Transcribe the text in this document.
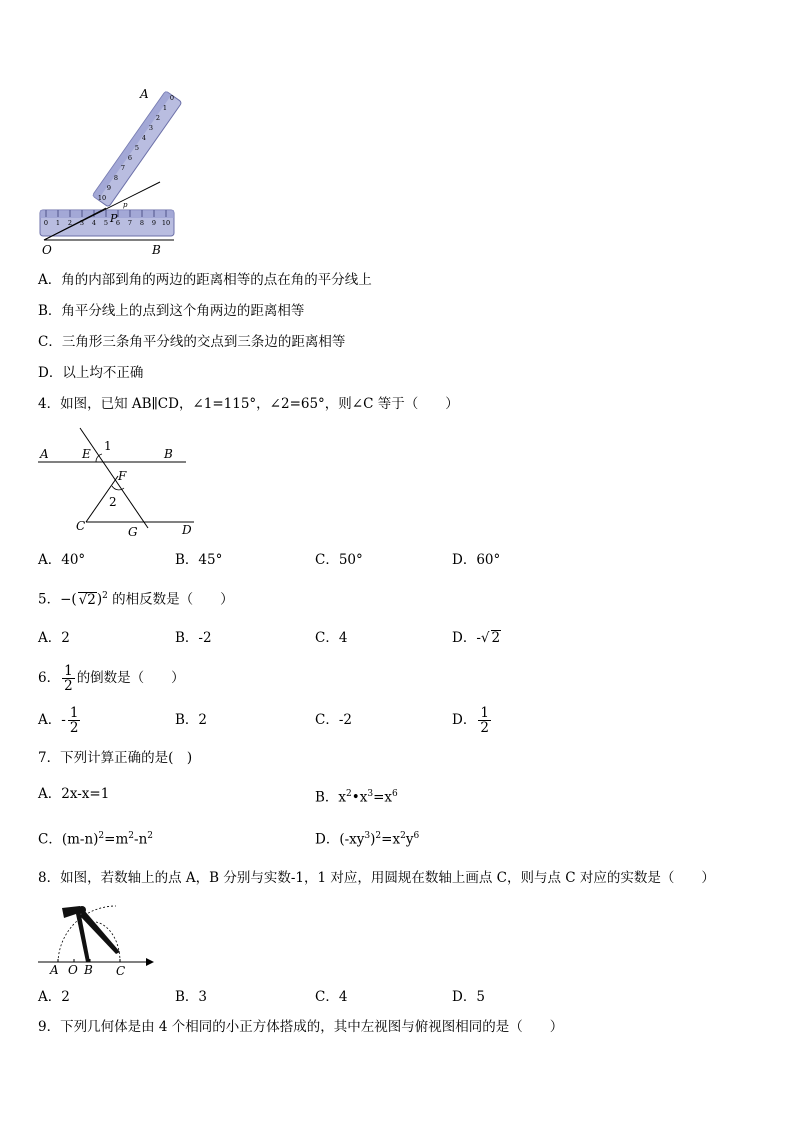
0 1 2 3 4 5 6 7 8 9 10
10
9
8
7
6
5
4
3
2
1
0
A
O	B
P
p
A．角的内部到角的两边的距离相等的点在角的平分线上
B．角平分线上的点到这个角两边的距离相等
C．三角形三条角平分线的交点到三条边的距离相等
D．以上均不正确
4．如图，已知 AB∥CD，∠1=115°，∠2=65°，则∠C 等于（　　）
A	E
1
B
F
2
C	G	D
A．40°	B．45°	C．50°	D．60°
5．−( √2)$^2$ 的相反数是（　　）
A．2	B．-2	C．4	D．-√ 2
6． $\frac{1}{2}$ 的倒数是（　　）
A．- $\frac{1}{2}$	B．2	C．-2	D． $\frac{1}{2}$
7．下列计算正确的是(　)
A．2x-x=1	B．$x^2•x^3=x^6$
C．$(m-n)^2=m^2-n^2$	D．$(-xy^3)^2=x^2y^6$
8．如图，若数轴上的点 A，B 分别与实数-1，1 对应，用圆规在数轴上画点 C，则与点 C 对应的实数是（　　）
A O B C
A．2	B．3	C．4	D．5
9．下列几何体是由 4 个相同的小正方体搭成的，其中左视图与俯视图相同的是（　　）
